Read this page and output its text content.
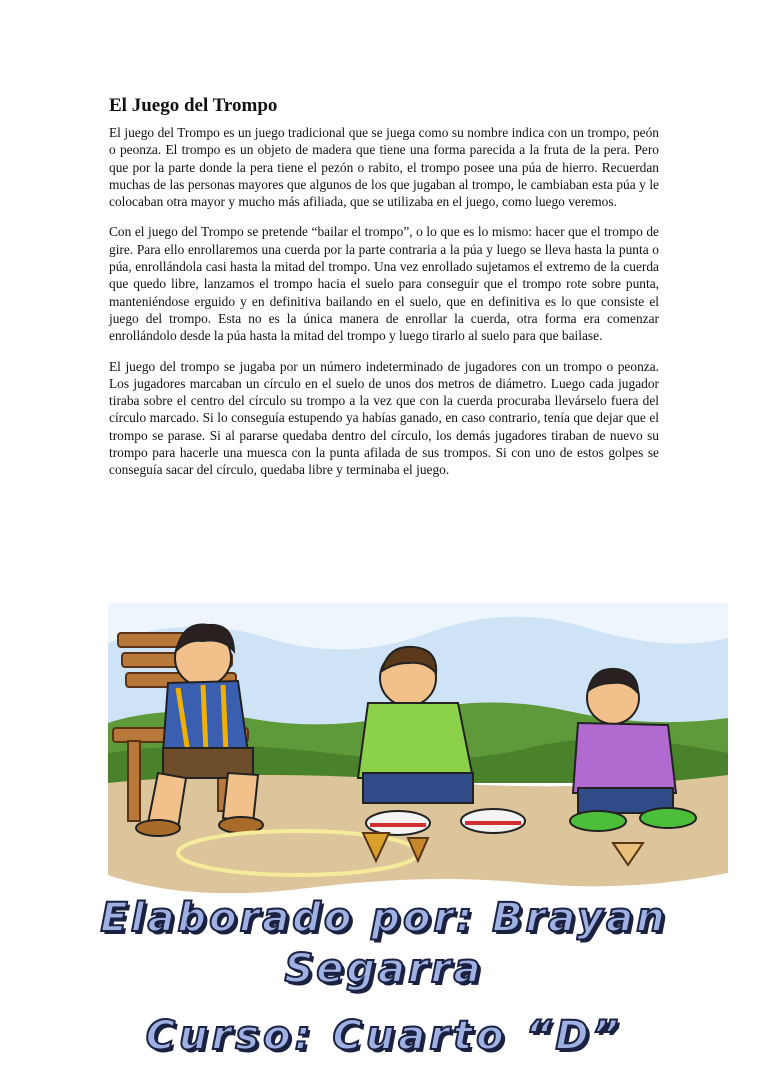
El Juego del Trompo

El juego del Trompo es un juego tradicional que se juega como su nombre indica con un trompo, peón o peonza. El trompo es un objeto de madera que tiene una forma parecida a la fruta de la pera. Pero que por la parte donde la pera tiene el pezón o rabito, el trompo posee una púa de hierro. Recuerdan muchas de las personas mayores que algunos de los que jugaban al trompo, le cambiaban esta púa y le colocaban otra mayor y mucho más afiliada, que se utilizaba en el juego, como luego veremos.

Con el juego del Trompo se pretende “bailar el trompo”, o lo que es lo mismo: hacer que el trompo de gire. Para ello enrollaremos una cuerda por la parte contraria a la púa y luego se lleva hasta la punta o púa, enrollándola casi hasta la mitad del trompo. Una vez enrollado sujetamos el extremo de la cuerda que quedo libre, lanzamos el trompo hacia el suelo para conseguir que el trompo rote sobre punta, manteniéndose erguido y en definitiva bailando en el suelo, que en definitiva es lo que consiste el juego del trompo. Esta no es la única manera de enrollar la cuerda, otra forma era comenzar enrollándolo desde la púa hasta la mitad del trompo y luego tirarlo al suelo para que bailase.

El juego del trompo se jugaba por un número indeterminado de jugadores con un trompo o peonza. Los jugadores marcaban un círculo en el suelo de unos dos metros de diámetro. Luego cada jugador tiraba sobre el centro del círculo su trompo a la vez que con la cuerda procuraba llevárselo fuera del círculo marcado. Si lo conseguía estupendo ya habías ganado, en caso contrario, tenía que dejar que el trompo se parase. Si al pararse quedaba dentro del círculo, los demás jugadores tiraban de nuevo su trompo para hacerle una muesca con la punta afilada de sus trompos. Si con uno de estos golpes se conseguía sacar del círculo, quedaba libre y terminaba el juego.

Elaborado por: Brayan
Segarra
Curso: Cuarto “D”
